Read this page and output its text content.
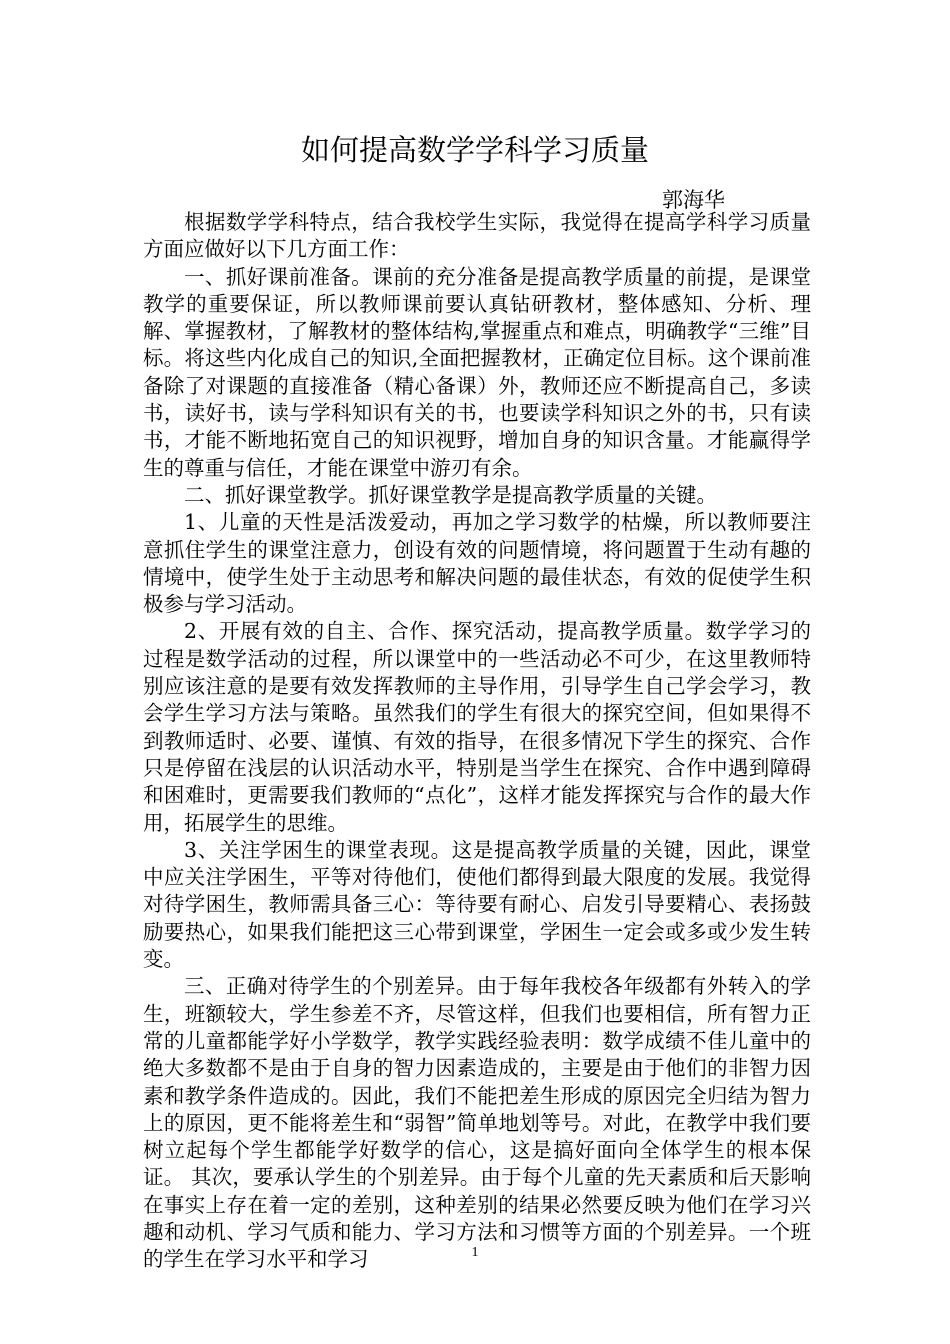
如何提高数学学科学习质量
郭海华

根据数学学科特点，结合我校学生实际，我觉得在提高学科学习质量方面应做好以下几方面工作：

一、抓好课前准备。课前的充分准备是提高教学质量的前提，是课堂教学的重要保证，所以教师课前要认真钻研教材，整体感知、分析、理解、掌握教材，了解教材的整体结构,掌握重点和难点，明确教学“三维”目标。将这些内化成自己的知识,全面把握教材，正确定位目标。这个课前准备除了对课题的直接准备（精心备课）外，教师还应不断提高自己，多读书，读好书，读与学科知识有关的书，也要读学科知识之外的书，只有读书，才能不断地拓宽自己的知识视野，增加自身的知识含量。才能赢得学生的尊重与信任，才能在课堂中游刃有余。

二、抓好课堂教学。抓好课堂教学是提高教学质量的关键。

1、儿童的天性是活泼爱动，再加之学习数学的枯燥，所以教师要注意抓住学生的课堂注意力，创设有效的问题情境，将问题置于生动有趣的情境中，使学生处于主动思考和解决问题的最佳状态，有效的促使学生积极参与学习活动。

2、开展有效的自主、合作、探究活动，提高教学质量。数学学习的过程是数学活动的过程，所以课堂中的一些活动必不可少，在这里教师特别应该注意的是要有效发挥教师的主导作用，引导学生自己学会学习，教会学生学习方法与策略。虽然我们的学生有很大的探究空间，但如果得不到教师适时、必要、谨慎、有效的指导，在很多情况下学生的探究、合作只是停留在浅层的认识活动水平，特别是当学生在探究、合作中遇到障碍和困难时，更需要我们教师的“点化”，这样才能发挥探究与合作的最大作用，拓展学生的思维。

3、关注学困生的课堂表现。这是提高教学质量的关键，因此，课堂中应关注学困生，平等对待他们，使他们都得到最大限度的发展。我觉得对待学困生，教师需具备三心：等待要有耐心、启发引导要精心、表扬鼓励要热心，如果我们能把这三心带到课堂，学困生一定会或多或少发生转变。

三、正确对待学生的个别差异。由于每年我校各年级都有外转入的学生，班额较大，学生参差不齐，尽管这样，但我们也要相信，所有智力正常的儿童都能学好小学数学，教学实践经验表明：数学成绩不佳儿童中的绝大多数都不是由于自身的智力因素造成的，主要是由于他们的非智力因素和教学条件造成的。因此，我们不能把差生形成的原因完全归结为智力上的原因，更不能将差生和“弱智”简单地划等号。对此，在教学中我们要树立起每个学生都能学好数学的信心，这是搞好面向全体学生的根本保证。 其次，要承认学生的个别差异。由于每个儿童的先天素质和后天影响在事实上存在着一定的差别，这种差别的结果必然要反映为他们在学习兴趣和动机、学习气质和能力、学习方法和习惯等方面的个别差异。一个班的学生在学习水平和学习	1
